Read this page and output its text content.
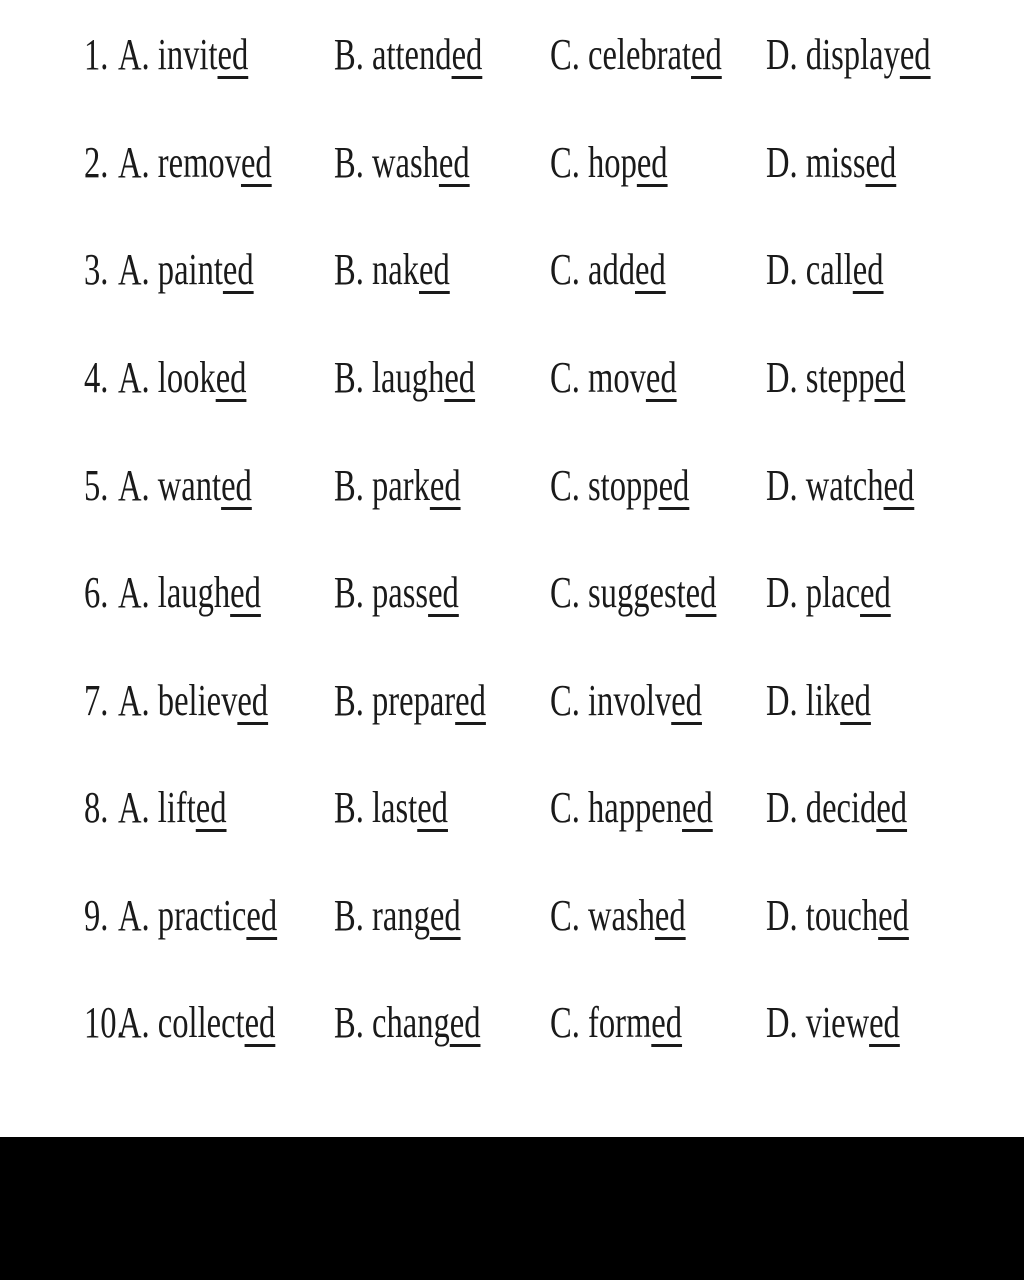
1. A. invited B. attended C. celebrated D. displayed
2. A. removed B. washed C. hoped D. missed
3. A. painted B. naked C. added D. called
4. A. looked B. laughed C. moved D. stepped
5. A. wanted B. parked C. stopped D. watched
6. A. laughed B. passed C. suggested D. placed
7. A. believed B. prepared C. involved D. liked
8. A. lifted B. lasted C. happened D. decided
9. A. practiced B. ranged C. washed D. touched
10.
A. collected B. changed C. formed D. viewed
